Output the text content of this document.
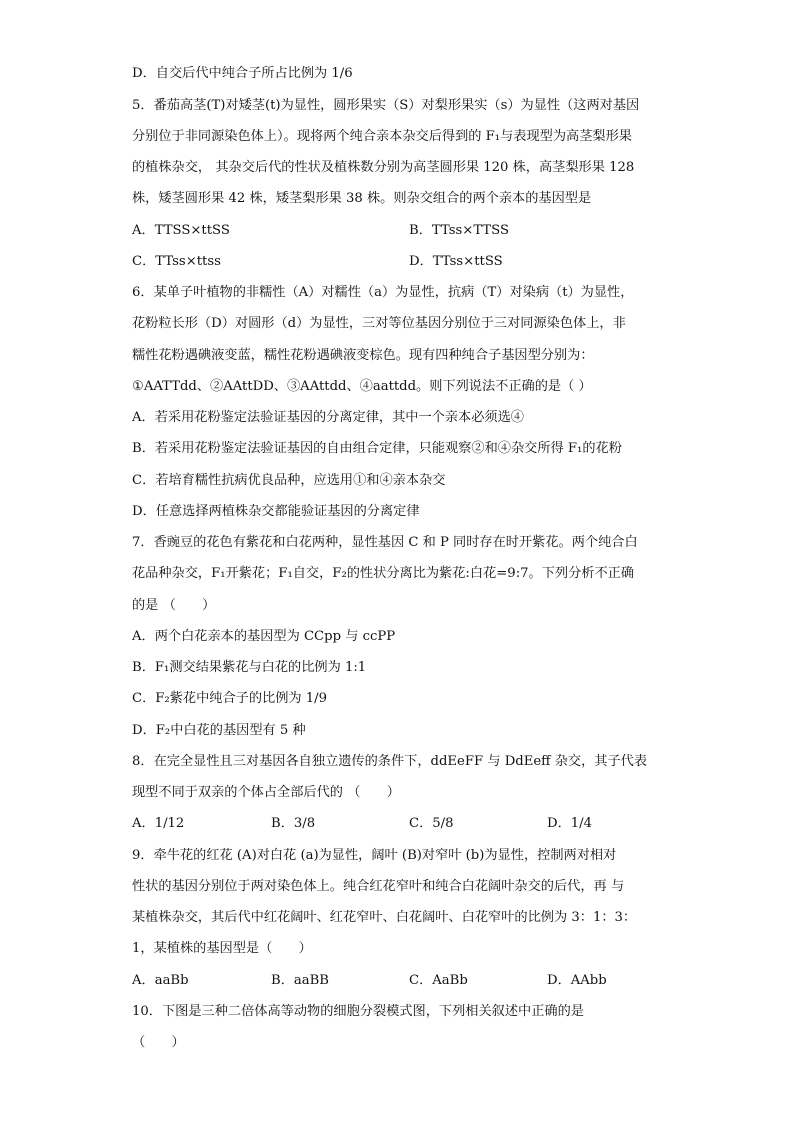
D．自交后代中纯合子所占比例为 1/6
5．番茄高茎(T)对矮茎(t)为显性，圆形果实（S）对梨形果实（s）为显性（这两对基因
分别位于非同源染色体上）。现将两个纯合亲本杂交后得到的 F₁与表现型为高茎梨形果
的植株杂交， 其杂交后代的性状及植株数分别为高茎圆形果 120 株，高茎梨形果 128
株，矮茎圆形果 42 株，矮茎梨形果 38 株。则杂交组合的两个亲本的基因型是
A．TTSS×ttSS	B．TTss×TTSS
C．TTss×ttss	D．TTss×ttSS
6．某单子叶植物的非糯性（A）对糯性（a）为显性，抗病（T）对染病（t）为显性，
花粉粒长形（D）对圆形（d）为显性，三对等位基因分别位于三对同源染色体上，非
糯性花粉遇碘液变蓝，糯性花粉遇碘液变棕色。现有四种纯合子基因型分别为：
①AATTdd、②AAttDD、③AAttdd、④aattdd。则下列说法不正确的是（ ）
A．若采用花粉鉴定法验证基因的分离定律，其中一个亲本必须选④
B．若采用花粉鉴定法验证基因的自由组合定律，只能观察②和④杂交所得 F₁的花粉
C．若培育糯性抗病优良品种，应选用①和④亲本杂交
D．任意选择两植株杂交都能验证基因的分离定律
7．香豌豆的花色有紫花和白花两种，显性基因 C 和 P 同时存在时开紫花。两个纯合白
花品种杂交，F₁开紫花；F₁自交，F₂的性状分离比为紫花:白花=9:7。下列分析不正确
的是 （　　）
A．两个白花亲本的基因型为 CCpp 与 ccPP
B．F₁测交结果紫花与白花的比例为 1:1
C．F₂紫花中纯合子的比例为 1/9
D．F₂中白花的基因型有 5 种
8．在完全显性且三对基因各自独立遗传的条件下，ddEeFF 与 DdEeff 杂交，其子代表
现型不同于双亲的个体占全部后代的 （　　）
A．1/12	B．3/8	C．5/8	D．1/4
9．牵牛花的红花 (A)对白花 (a)为显性，阔叶 (B)对窄叶 (b)为显性，控制两对相对
性状的基因分别位于两对染色体上。纯合红花窄叶和纯合白花阔叶杂交的后代，再 与
某植株杂交，其后代中红花阔叶、红花窄叶、白花阔叶、白花窄叶的比例为 3：1：3：
1，某植株的基因型是（　　）
A．aaBb	B．aaBB	C．AaBb	D．AAbb
10．下图是三种二倍体高等动物的细胞分裂模式图，下列相关叙述中正确的是
（　　）
